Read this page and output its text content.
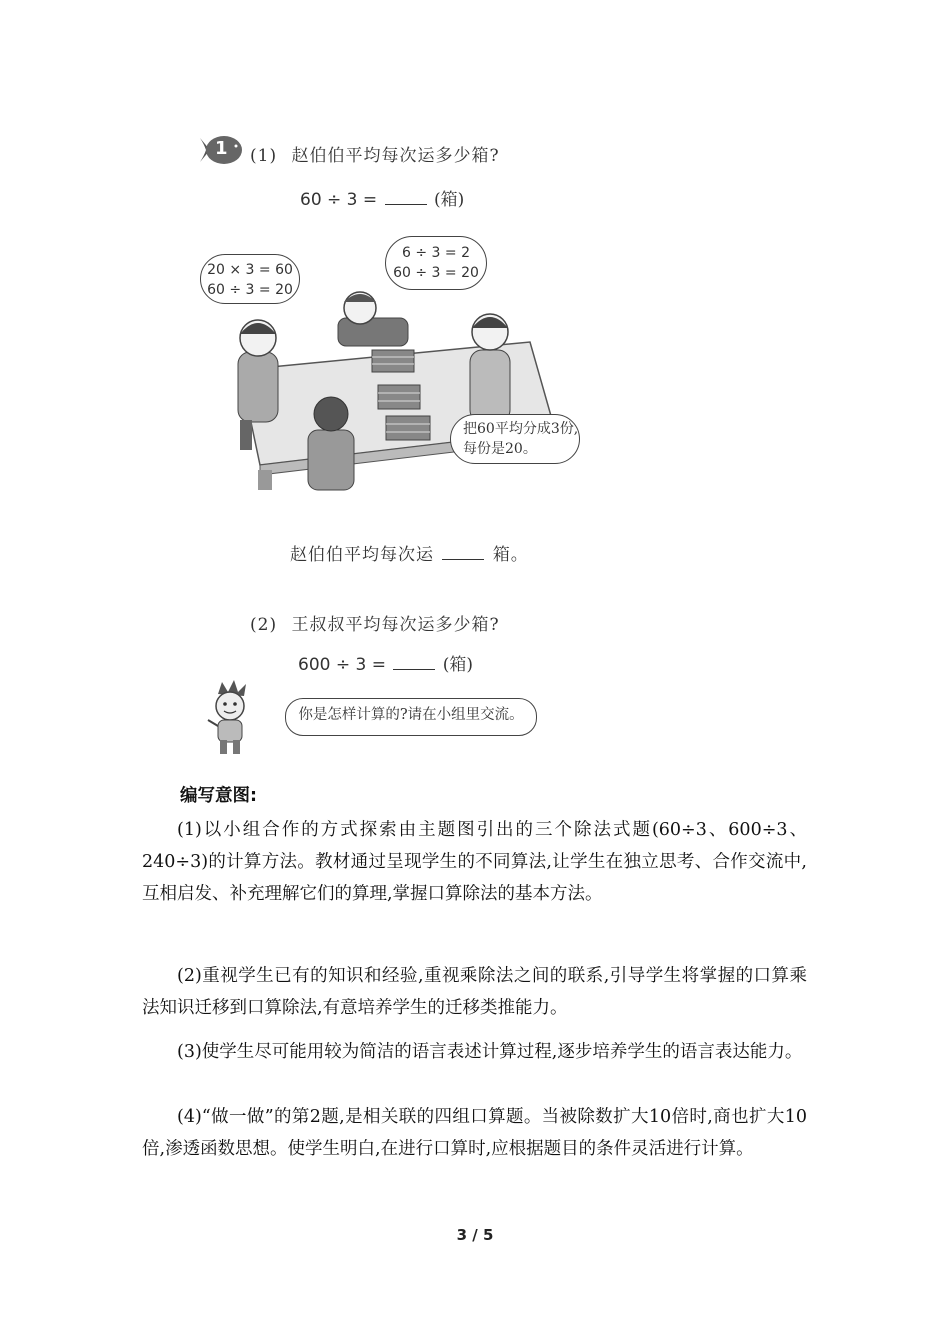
1 (1) 赵伯伯平均每次运多少箱?
60 ÷ 3 =	(箱)
20 × 3 = 60
60 ÷ 3 = 20
6 ÷ 3 = 2
60 ÷ 3 = 20
把60平均分成3份,
每份是20。
赵伯伯平均每次运	箱。
(2) 王叔叔平均每次运多少箱?
600 ÷ 3 =	(箱)
你是怎样计算的?请在小组里交流。
编写意图:
(1)以小组合作的方式探索由主题图引出的三个除法式题(60÷3、600÷3、240÷3)的计算方法。教材通过呈现学生的不同算法,让学生在独立思考、合作交流中,互相启发、补充理解它们的算理,掌握口算除法的基本方法。
(2)重视学生已有的知识和经验,重视乘除法之间的联系,引导学生将掌握的口算乘法知识迁移到口算除法,有意培养学生的迁移类推能力。
(3)使学生尽可能用较为简洁的语言表述计算过程,逐步培养学生的语言表达能力。
(4)“做一做”的第2题,是相关联的四组口算题。当被除数扩大10倍时,商也扩大10倍,渗透函数思想。使学生明白,在进行口算时,应根据题目的条件灵活进行计算。
3 / 5
